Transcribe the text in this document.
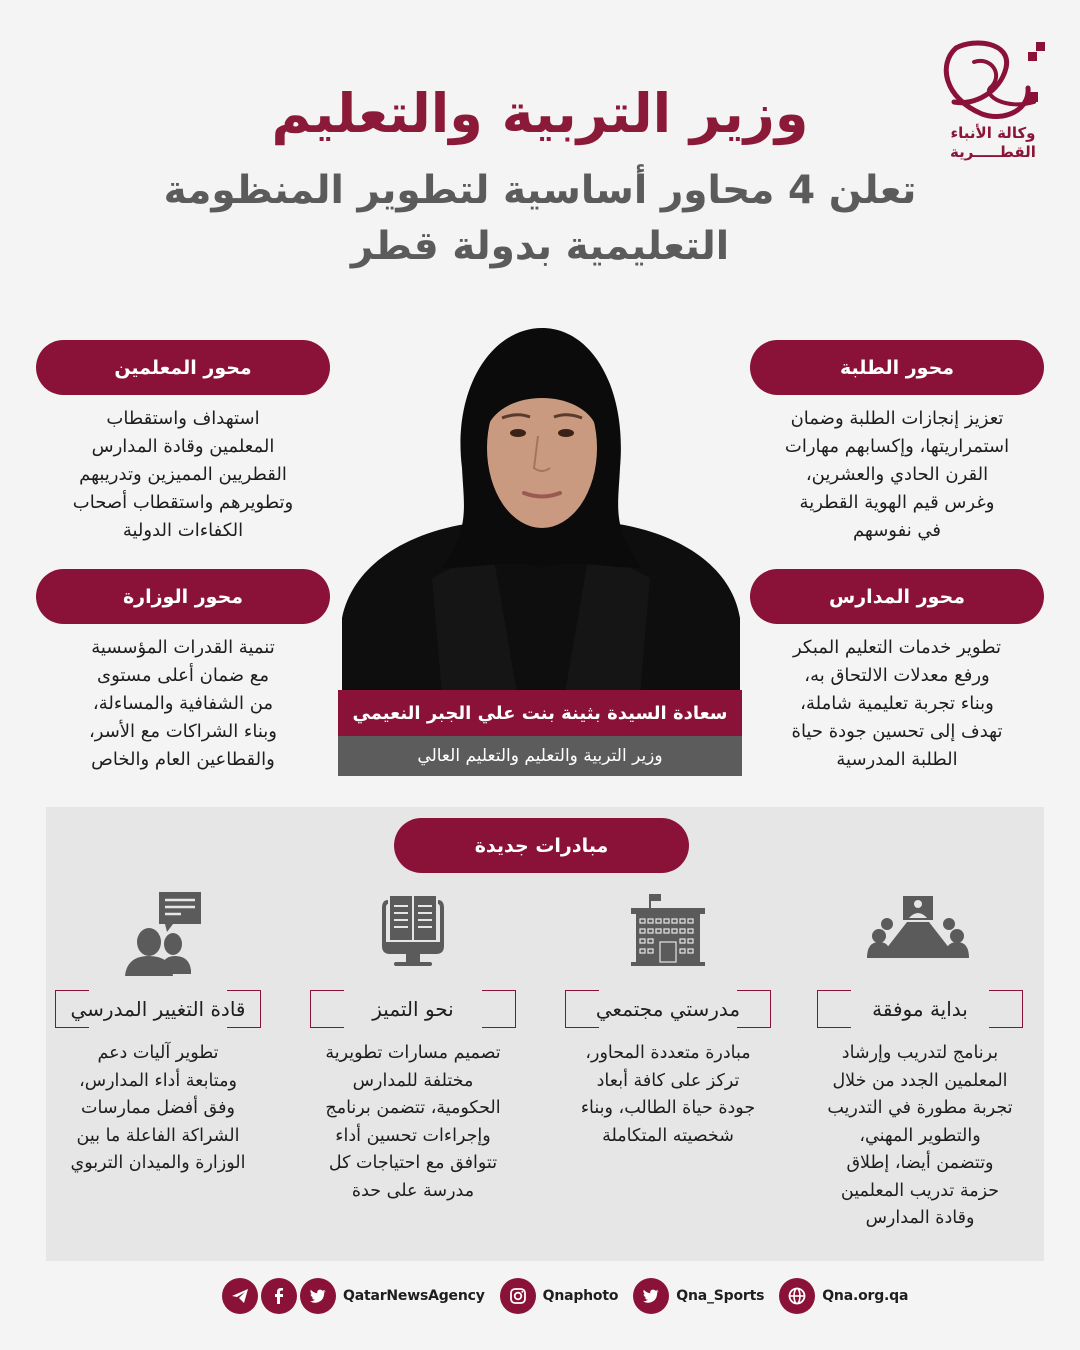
وكالة الأنباء
القطـــــرية
وزير التربية والتعليم
تعلن 4 محاور أساسية لتطوير المنظومة
التعليمية بدولة قطر
محور الطلبة
تعزيز إنجازات الطلبة وضمان
استمراريتها، وإكسابهم مهارات
القرن الحادي والعشرين،
وغرس قيم الهوية القطرية
في نفوسهم
محور المعلمين
استهداف واستقطاب
المعلمين وقادة المدارس
القطريين المميزين وتدريبهم
وتطويرهم واستقطاب أصحاب
الكفاءات الدولية
محور المدارس
تطوير خدمات التعليم المبكر
ورفع معدلات الالتحاق به،
وبناء تجربة تعليمية شاملة،
تهدف إلى تحسين جودة حياة
الطلبة المدرسية
محور الوزارة
تنمية القدرات المؤسسية
مع ضمان أعلى مستوى
من الشفافية والمساءلة،
وبناء الشراكات مع الأسر،
والقطاعين العام والخاص
سعادة السيدة بثينة بنت علي الجبر النعيمي
وزير التربية والتعليم والتعليم العالي
مبادرات جديدة
بداية موفقة
برنامج لتدريب وإرشاد
المعلمين الجدد من خلال
تجربة مطورة في التدريب
والتطوير المهني،
وتتضمن أيضا، إطلاق
حزمة تدريب المعلمين
وقادة المدارس
مدرستي مجتمعي
مبادرة متعددة المحاور،
تركز على كافة أبعاد
جودة حياة الطالب، وبناء
شخصيته المتكاملة
نحو التميز
تصميم مسارات تطويرية
مختلفة للمدارس
الحكومية، تتضمن برنامج
وإجراءات تحسين أداء
تتوافق مع احتياجات كل
مدرسة على حدة
قادة التغيير المدرسي
تطوير آليات دعم
ومتابعة أداء المدارس،
وفق أفضل ممارسات
الشراكة الفاعلة ما بين
الوزارة والميدان التربوي
QatarNewsAgency	Qnaphoto	Qna_Sports	Qna.org.qa
